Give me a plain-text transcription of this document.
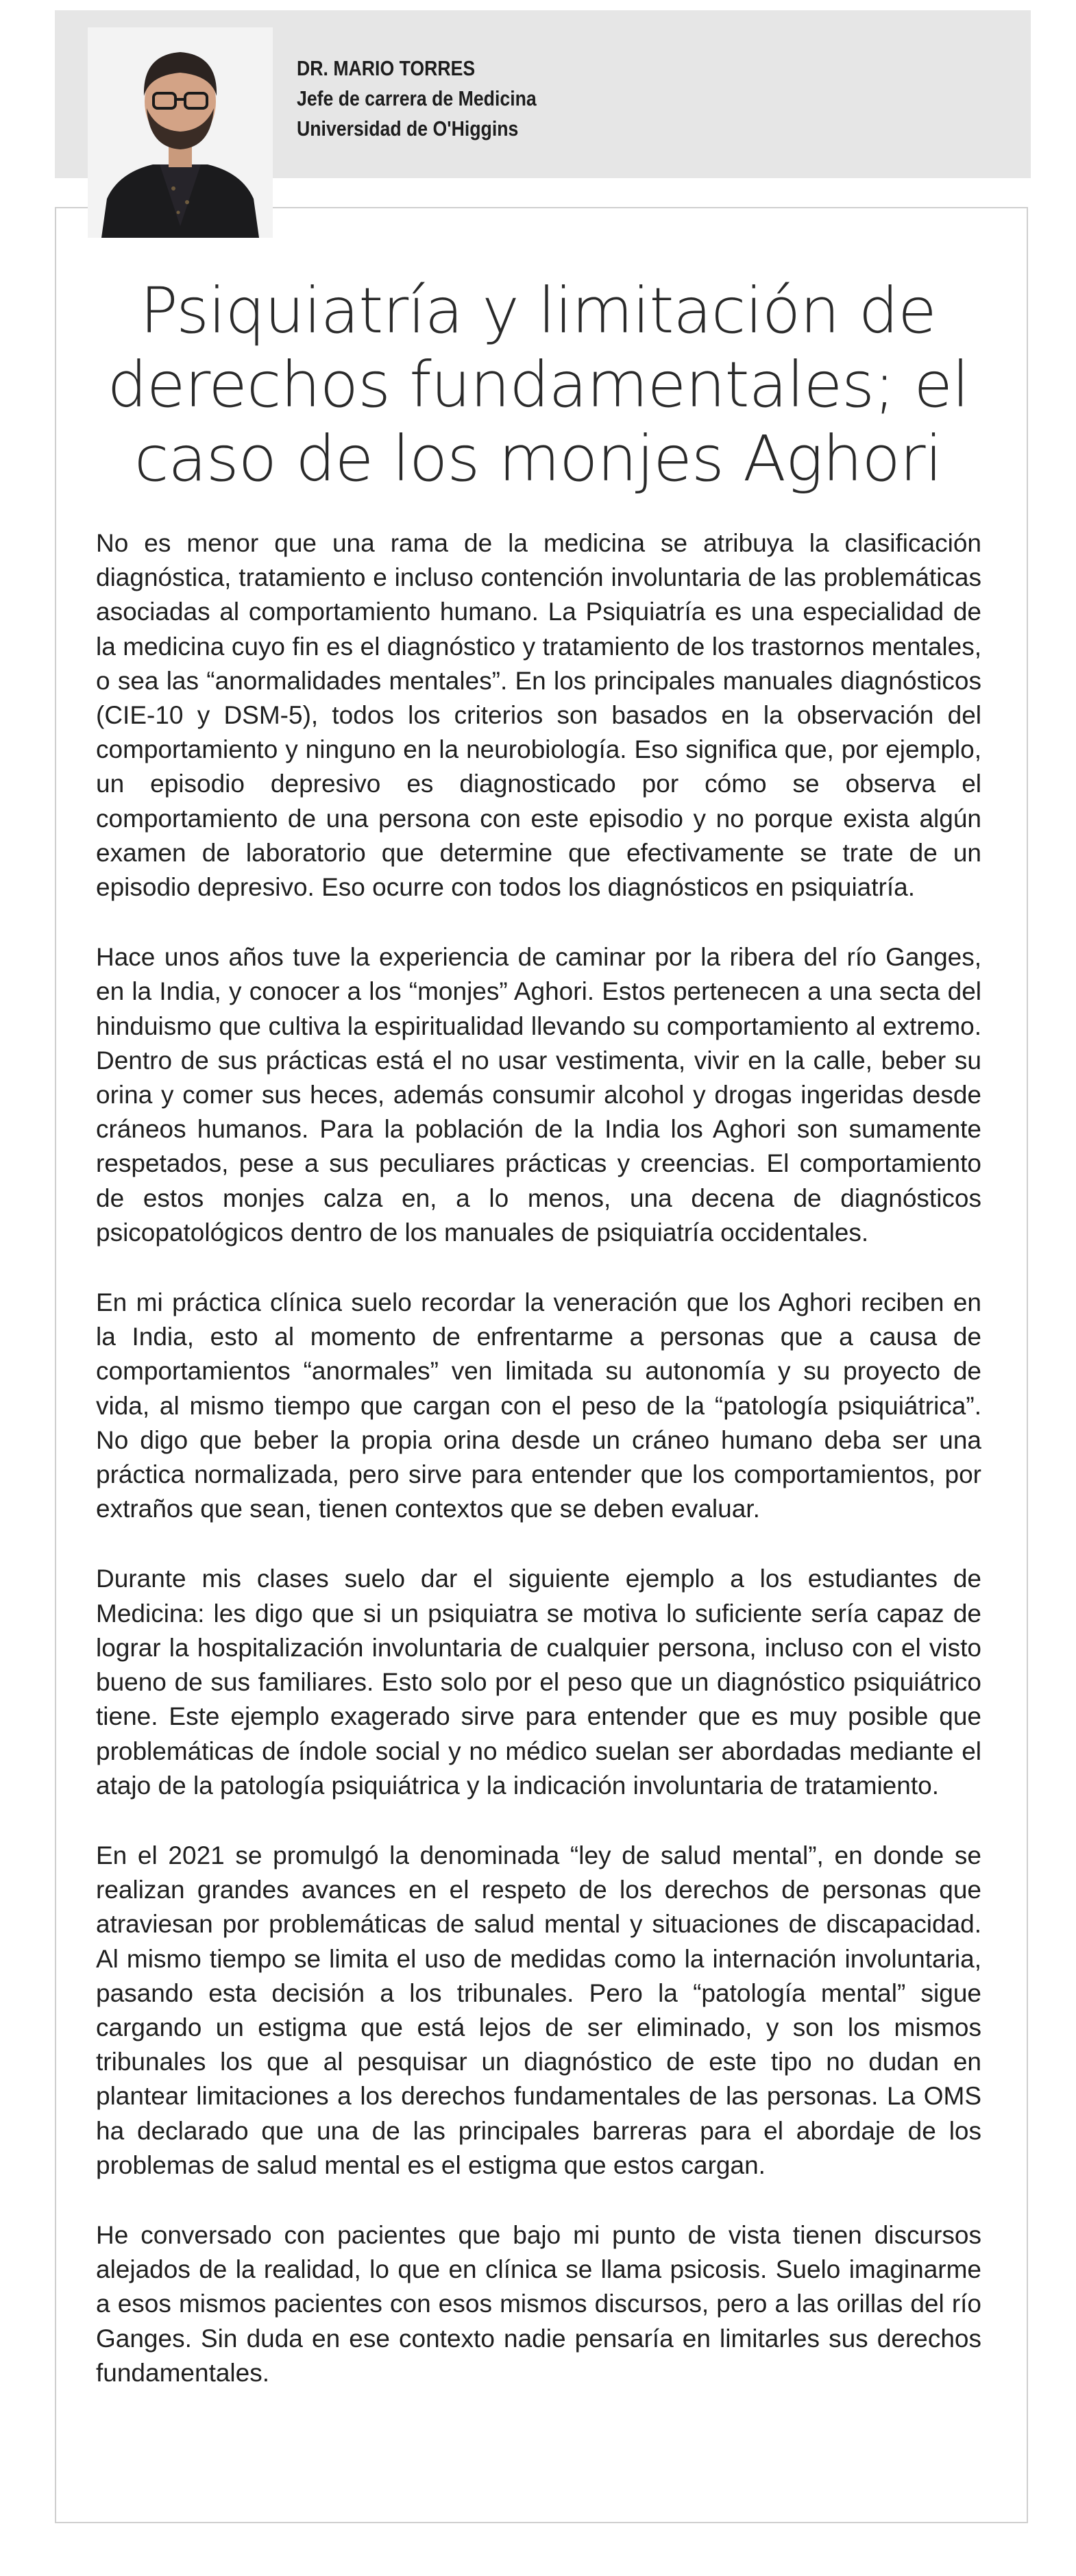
DR. MARIO TORRES
Jefe de carrera de Medicina
Universidad de O'Higgins
Psiquiatría y limitación de derechos fundamentales; el caso de los monjes Aghori

No es menor que una rama de la medicina se atribuya la clasificación diagnóstica, tratamiento e incluso contención involuntaria de las problemáticas asociadas al comportamiento humano. La Psiquiatría es una especialidad de la medicina cuyo fin es el diagnóstico y tratamiento de los trastornos mentales, o sea las “anormalidades mentales”. En los principales manuales diagnósticos (CIE-10 y DSM-5), todos los criterios son basados en la observación del comportamiento y ninguno en la neurobiología. Eso significa que, por ejemplo, un episodio depresivo es diagnosticado por cómo se observa el comportamiento de una persona con este episodio y no porque exista algún examen de laboratorio que determine que efectivamente se trate de un episodio depresivo. Eso ocurre con todos los diagnósticos en psiquiatría.

Hace unos años tuve la experiencia de caminar por la ribera del río Ganges, en la India, y conocer a los “monjes” Aghori. Estos pertenecen a una secta del hinduismo que cultiva la espiritualidad llevando su comportamiento al extremo. Dentro de sus prácticas está el no usar vestimenta, vivir en la calle, beber su orina y comer sus heces, además consumir alcohol y drogas ingeridas desde cráneos humanos. Para la población de la India los Aghori son sumamente respetados, pese a sus peculiares prácticas y creencias. El comportamiento de estos monjes calza en, a lo menos, una decena de diagnósticos psicopatológicos dentro de los manuales de psiquiatría occidentales.

En mi práctica clínica suelo recordar la veneración que los Aghori reciben en la India, esto al momento de enfrentarme a personas que a causa de comportamientos “anormales” ven limitada su autonomía y su proyecto de vida, al mismo tiempo que cargan con el peso de la “patología psiquiátrica”. No digo que beber la propia orina desde un cráneo humano deba ser una práctica normalizada, pero sirve para entender que los comportamientos, por extraños que sean, tienen contextos que se deben evaluar.

Durante mis clases suelo dar el siguiente ejemplo a los estudiantes de Medicina: les digo que si un psiquiatra se motiva lo suficiente sería capaz de lograr la hospitalización involuntaria de cualquier persona, incluso con el visto bueno de sus familiares. Esto solo por el peso que un diagnóstico psiquiátrico tiene. Este ejemplo exagerado sirve para entender que es muy posible que problemáticas de índole social y no médico suelan ser abordadas mediante el atajo de la patología psiquiátrica y la indicación involuntaria de tratamiento.

En el 2021 se promulgó la denominada “ley de salud mental”, en donde se realizan grandes avances en el respeto de los derechos de personas que atraviesan por problemáticas de salud mental y situaciones de discapacidad. Al mismo tiempo se limita el uso de medidas como la internación involuntaria, pasando esta decisión a los tribunales. Pero la “patología mental” sigue cargando un estigma que está lejos de ser eliminado, y son los mismos tribunales los que al pesquisar un diagnóstico de este tipo no dudan en plantear limitaciones a los derechos fundamentales de las personas. La OMS ha declarado que una de las principales barreras para el abordaje de los problemas de salud mental es el estigma que estos cargan.

He conversado con pacientes que bajo mi punto de vista tienen discursos alejados de la realidad, lo que en clínica se llama psicosis. Suelo imaginarme a esos mismos pacientes con esos mismos discursos, pero a las orillas del río Ganges. Sin duda en ese contexto nadie pensaría en limitarles sus derechos fundamentales.
